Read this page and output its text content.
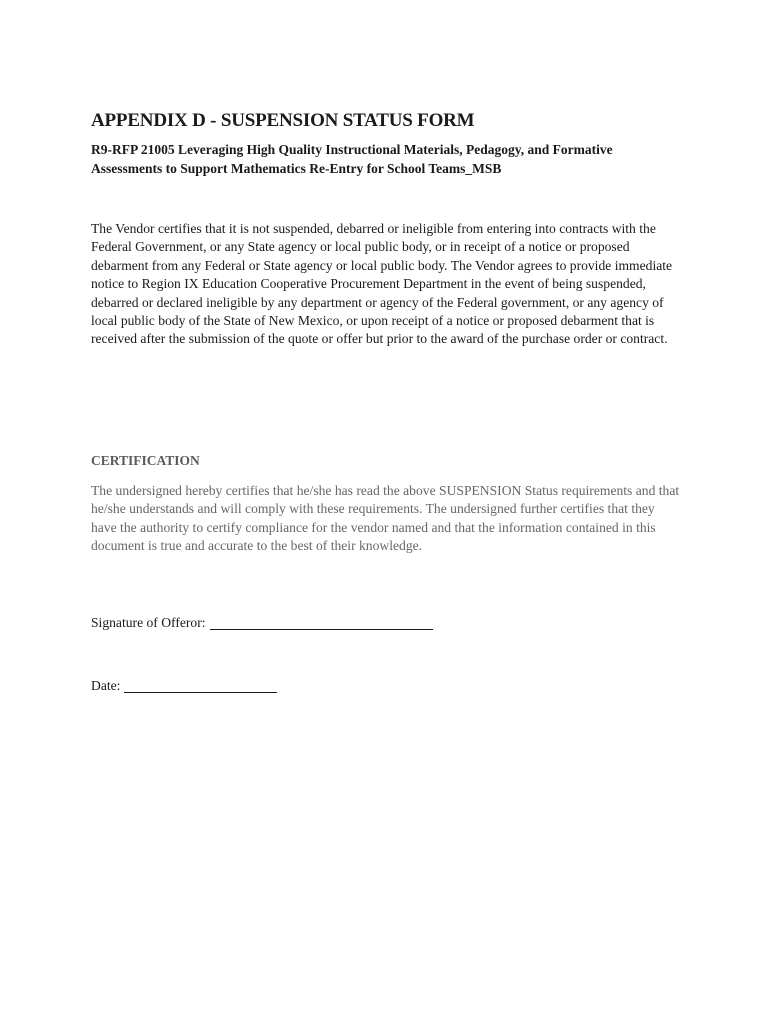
APPENDIX D - SUSPENSION STATUS FORM

R9-RFP 21005 Leveraging High Quality Instructional Materials, Pedagogy, and Formative Assessments to Support Mathematics Re-Entry for School Teams_MSB

The Vendor certifies that it is not suspended, debarred or ineligible from entering into contracts with the Federal Government, or any State agency or local public body, or in receipt of a notice or proposed debarment from any Federal or State agency or local public body. The Vendor agrees to provide immediate notice to Region IX Education Cooperative Procurement Department in the event of being suspended, debarred or declared ineligible by any department or agency of the Federal government, or any agency of local public body of the State of New Mexico, or upon receipt of a notice or proposed debarment that is received after the submission of the quote or offer but prior to the award of the purchase order or contract.

CERTIFICATION

The undersigned hereby certifies that he/she has read the above SUSPENSION Status requirements and that he/she understands and will comply with these requirements. The undersigned further certifies that they have the authority to certify compliance for the vendor named and that the information contained in this document is true and accurate to the best of their knowledge.

Signature of Offeror:
Date:
